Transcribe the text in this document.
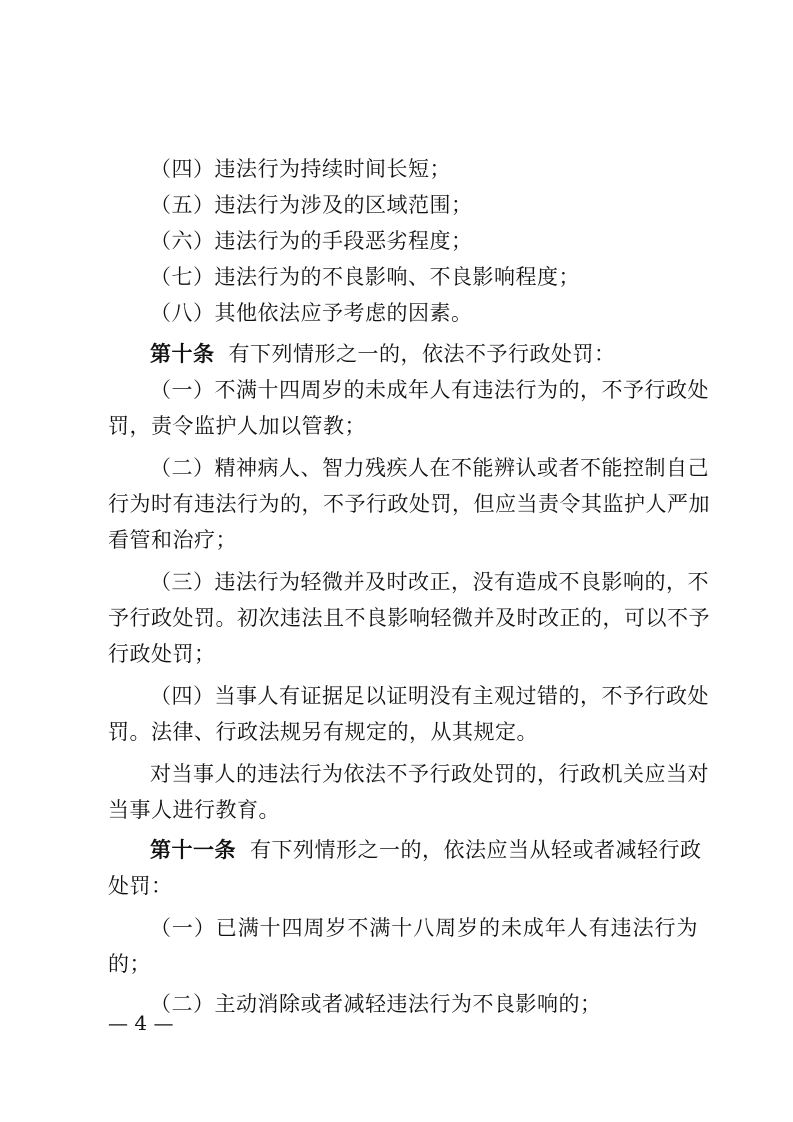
（四）违法行为持续时间长短；
（五）违法行为涉及的区域范围；
（六）违法行为的手段恶劣程度；
（七）违法行为的不良影响、不良影响程度；
（八）其他依法应予考虑的因素。
第十条 有下列情形之一的，依法不予行政处罚：
（一）不满十四周岁的未成年人有违法行为的，不予行政处
罚，责令监护人加以管教；
（二）精神病人、智力残疾人在不能辨认或者不能控制自己
行为时有违法行为的，不予行政处罚，但应当责令其监护人严加
看管和治疗；
（三）违法行为轻微并及时改正，没有造成不良影响的，不
予行政处罚。初次违法且不良影响轻微并及时改正的，可以不予
行政处罚；
（四）当事人有证据足以证明没有主观过错的，不予行政处
罚。法律、行政法规另有规定的，从其规定。
对当事人的违法行为依法不予行政处罚的，行政机关应当对
当事人进行教育。
第十一条 有下列情形之一的，依法应当从轻或者减轻行政
处罚：
（一）已满十四周岁不满十八周岁的未成年人有违法行为
的；
（二）主动消除或者减轻违法行为不良影响的；
— 4 —
